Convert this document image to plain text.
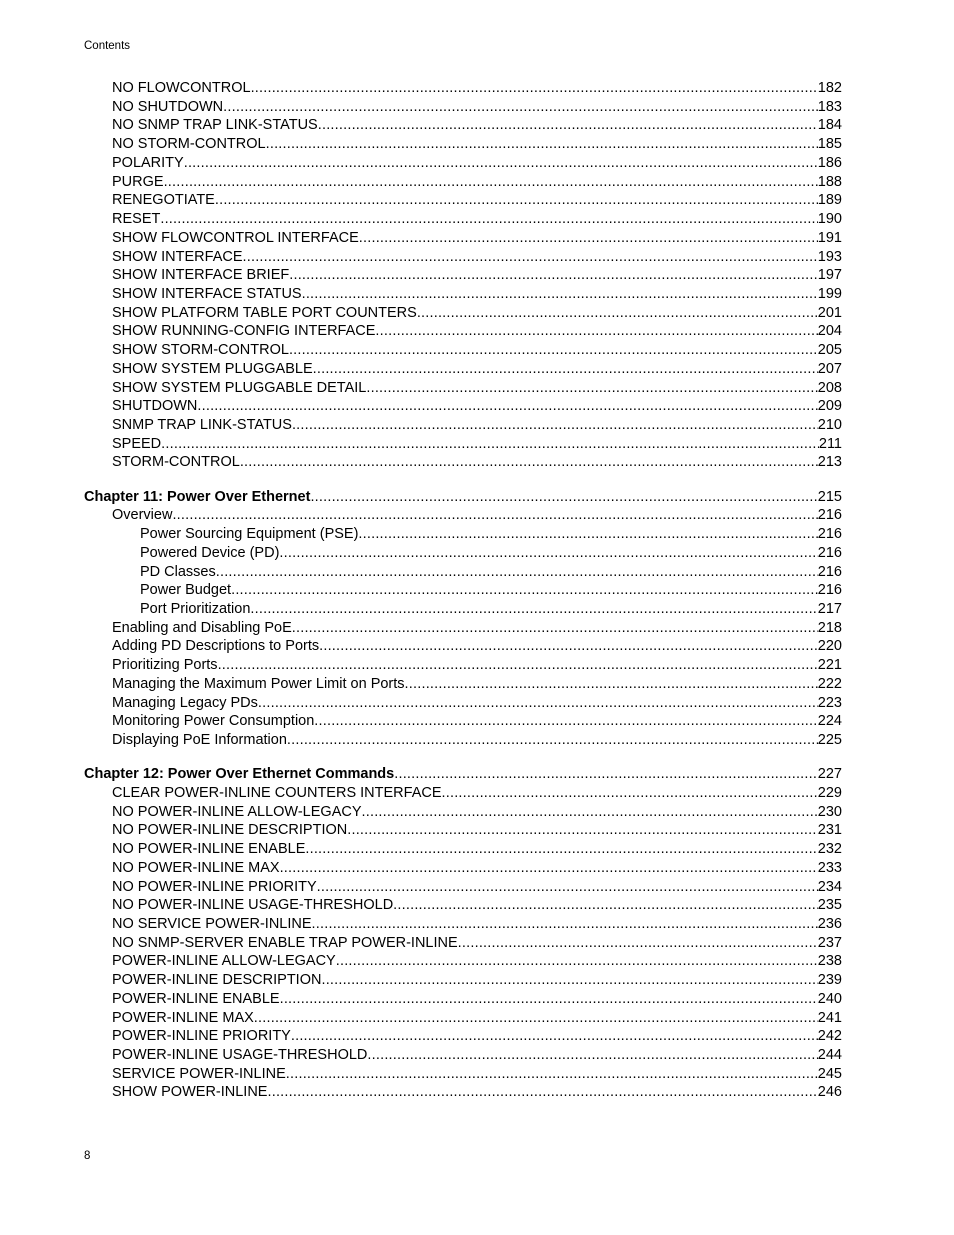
Contents
NO FLOWCONTROL .....	182
NO SHUTDOWN .....	183
NO SNMP TRAP LINK-STATUS .....	184
NO STORM-CONTROL .....	185
POLARITY .....	186
PURGE .....	188
RENEGOTIATE .....	189
RESET .....	190
SHOW FLOWCONTROL INTERFACE .....	191
SHOW INTERFACE .....	193
SHOW INTERFACE BRIEF .....	197
SHOW INTERFACE STATUS .....	199
SHOW PLATFORM TABLE PORT COUNTERS .....	201
SHOW RUNNING-CONFIG INTERFACE .....	204
SHOW STORM-CONTROL .....	205
SHOW SYSTEM PLUGGABLE .....	207
SHOW SYSTEM PLUGGABLE DETAIL .....	208
SHUTDOWN .....	209
SNMP TRAP LINK-STATUS .....	210
SPEED .....	211
STORM-CONTROL .....	213
Chapter 11: Power Over Ethernet .....	215
Overview .....	216
Power Sourcing Equipment (PSE) .....	216
Powered Device (PD) .....	216
PD Classes .....	216
Power Budget .....	216
Port Prioritization .....	217
Enabling and Disabling PoE .....	218
Adding PD Descriptions to Ports .....	220
Prioritizing Ports .....	221
Managing the Maximum Power Limit on Ports .....	222
Managing Legacy PDs .....	223
Monitoring Power Consumption .....	224
Displaying PoE Information .....	225
Chapter 12: Power Over Ethernet Commands .....	227
CLEAR POWER-INLINE COUNTERS INTERFACE .....	229
NO POWER-INLINE ALLOW-LEGACY .....	230
NO POWER-INLINE DESCRIPTION .....	231
NO POWER-INLINE ENABLE .....	232
NO POWER-INLINE MAX .....	233
NO POWER-INLINE PRIORITY .....	234
NO POWER-INLINE USAGE-THRESHOLD .....	235
NO SERVICE POWER-INLINE .....	236
NO SNMP-SERVER ENABLE TRAP POWER-INLINE .....	237
POWER-INLINE ALLOW-LEGACY .....	238
POWER-INLINE DESCRIPTION .....	239
POWER-INLINE ENABLE .....	240
POWER-INLINE MAX .....	241
POWER-INLINE PRIORITY .....	242
POWER-INLINE USAGE-THRESHOLD .....	244
SERVICE POWER-INLINE .....	245
SHOW POWER-INLINE .....	246
8
